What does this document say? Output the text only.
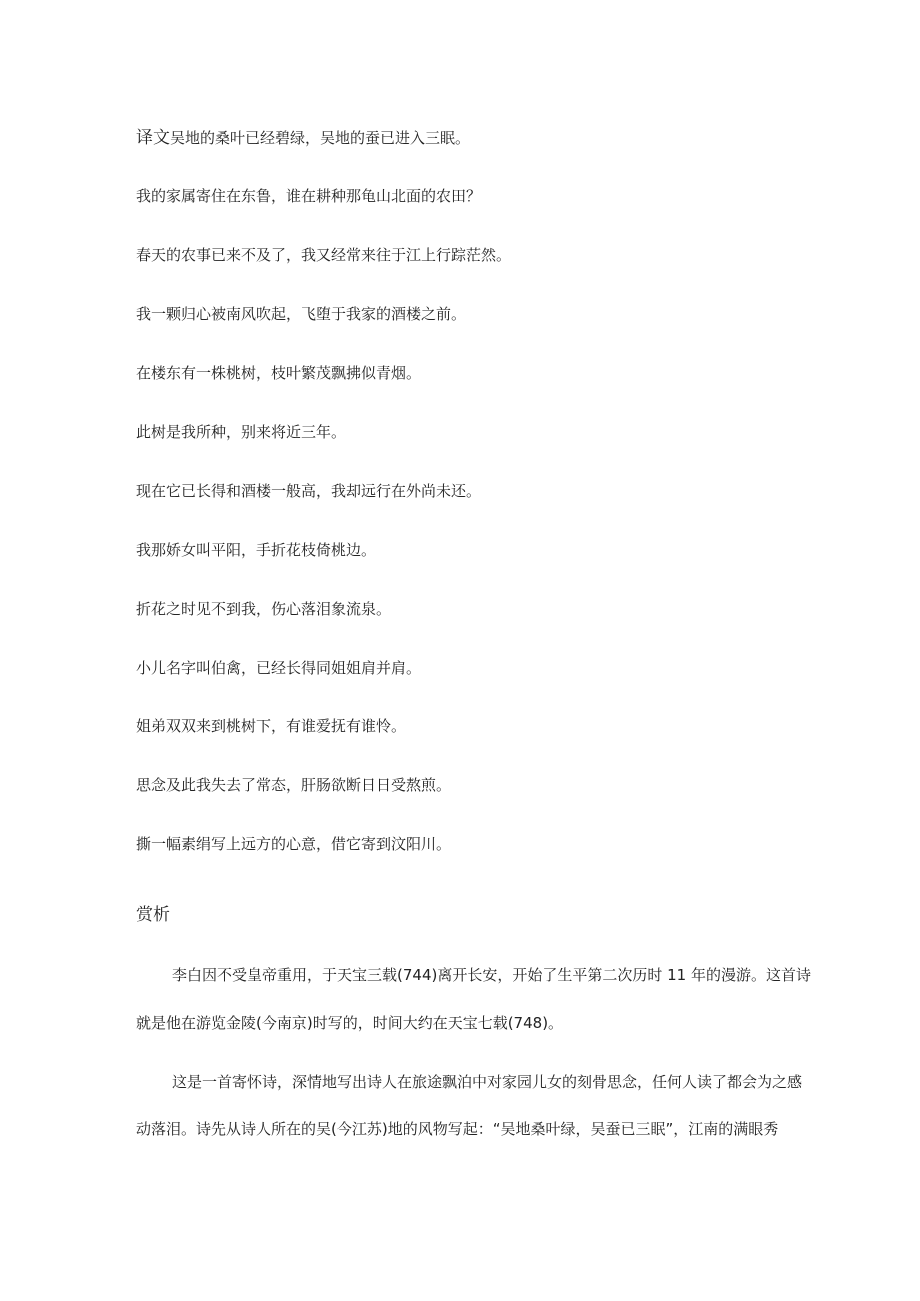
译文吴地的桑叶已经碧绿，吴地的蚕已进入三眠。

我的家属寄住在东鲁，谁在耕种那龟山北面的农田？

春天的农事已来不及了，我又经常来往于江上行踪茫然。

我一颗归心被南风吹起，飞堕于我家的酒楼之前。

在楼东有一株桃树，枝叶繁茂飘拂似青烟。

此树是我所种，别来将近三年。

现在它已长得和酒楼一般高，我却远行在外尚未还。

我那娇女叫平阳，手折花枝倚桃边。

折花之时见不到我，伤心落泪象流泉。

小儿名字叫伯禽，已经长得同姐姐肩并肩。

姐弟双双来到桃树下，有谁爱抚有谁怜。

思念及此我失去了常态，肝肠欲断日日受熬煎。

撕一幅素绢写上远方的心意，借它寄到汶阳川。

赏析

李白因不受皇帝重用，于天宝三载(744)离开长安，开始了生平第二次历时 11 年的漫游。这首诗

就是他在游览金陵(今南京)时写的，时间大约在天宝七载(748)。

这是一首寄怀诗，深情地写出诗人在旅途飘泊中对家园儿女的刻骨思念，任何人读了都会为之感

动落泪。诗先从诗人所在的吴(今江苏)地的风物写起：“吴地桑叶绿，吴蚕已三眠”，江南的满眼秀
